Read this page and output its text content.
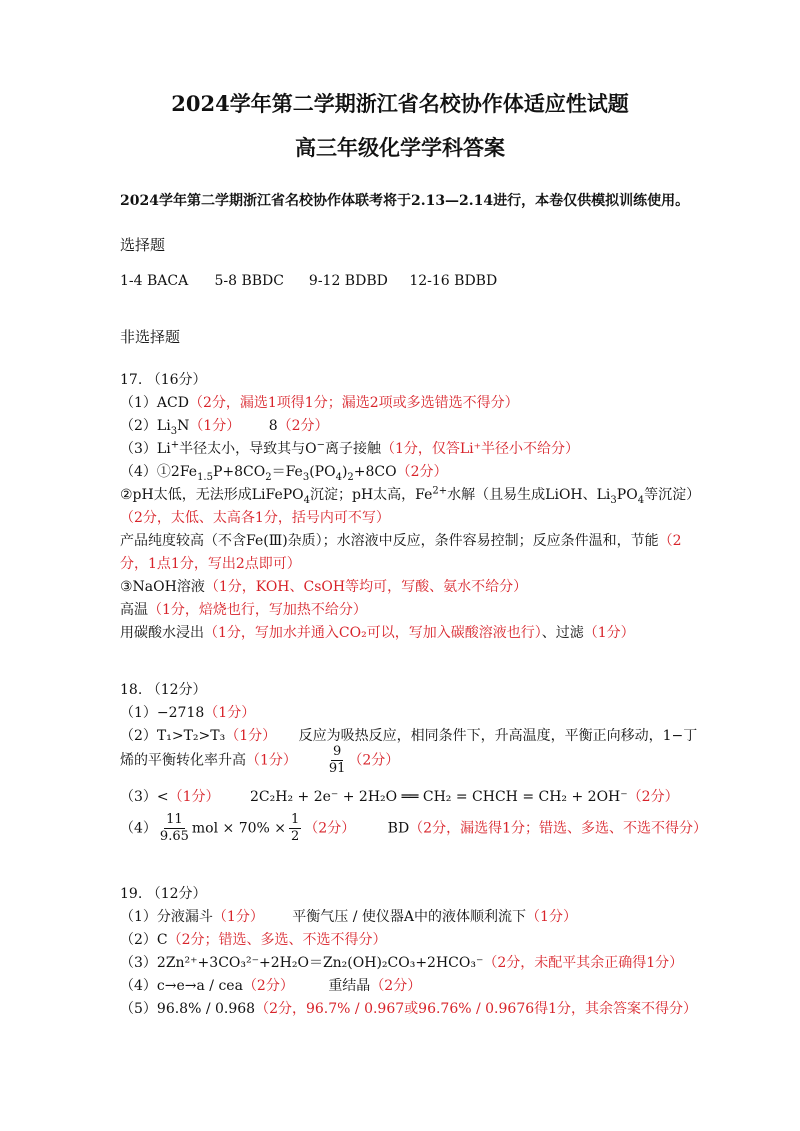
2024学年第二学期浙江省名校协作体适应性试题
高三年级化学学科答案
2024学年第二学期浙江省名校协作体联考将于2.13—2.14进行，本卷仅供模拟训练使用。
选择题
1-4 BACA 5-8 BBDC 9-12 BDBD 12-16 BDBD
非选择题
17. （16分）
（1）ACD（2分，漏选1项得1分；漏选2项或多选错选不得分）
$(2)Li_3N(1$分） 8（2分）
（3）Li+半径太小，导致其与O−离子接触（1分，仅答Li⁺半径小不给分）
$(4)①2Fe_{1.5}P+8CO_2=Fe_3(PO_4)_2+8CO(2$分）
②pH太低，无法形成LiFePO$_4$沉淀；pH太高，$Fe^{2+}$水解（且易生成LiOH、$Li_3PO_4$等沉淀）
（2分，太低、太高各1分，括号内可不写）
产品纯度较高（不含Fe(Ⅲ)杂质）；水溶液中反应，条件容易控制；反应条件温和，节能（2
分，1点1分，写出2点即可）
③NaOH溶液（1分，KOH、CsOH等均可，写酸、氨水不给分）
高温（1分，焙烧也行，写加热不给分）
用碳酸水浸出（1分，写加水并通入CO₂可以，写加入碳酸溶液也行）、过滤（1分）
18. （12分）
（1）−2718（1分）
（2）T₁>T₂>T₃（1分） 反应为吸热反应，相同条件下，升高温度，平衡正向移动，1−丁
烯的平衡转化率升高（1分） $\frac{9}{91} (2$分）
（3）<（1分） 2C₂H₂ + 2e⁻ + 2H₂O ══ CH₂ = CHCH = CH₂ + 2OH⁻（2分）
$(4) \frac{11}{9.65}$ mol × $70\% \times \frac{1}{2} (2$分） BD（2分，漏选得1分；错选、多选、不选不得分）
19. （12分）
（1）分液漏斗（1分） 平衡气压 / 使仪器A中的液体顺利流下（1分）
（2）C（2分；错选、多选、不选不得分）
（3）2Zn²⁺+3CO₃²⁻+2H₂O＝Zn₂(OH)₂CO₃+2HCO₃⁻（2分，未配平其余正确得1分）
（4）c→e→a / cea（2分） 重结晶（2分）
（5）96.8% / 0.968（2分，96.7% / 0.967或96.76% / 0.9676得1分，其余答案不得分）
